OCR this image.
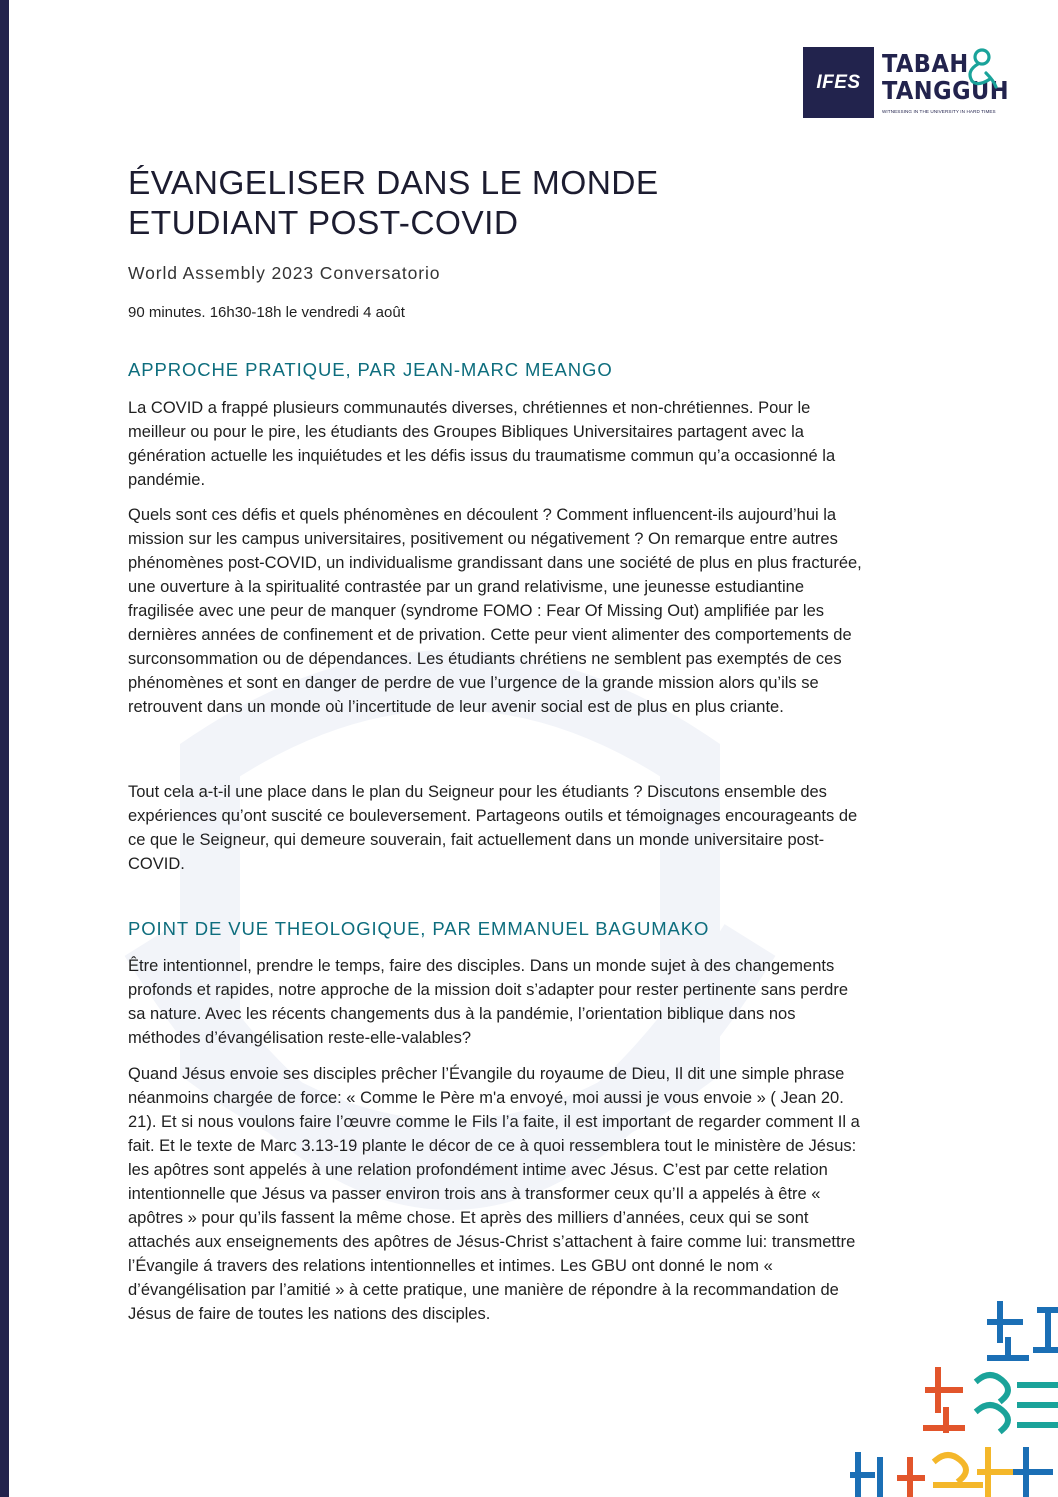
IFES
TABAH
TANGGUH
WITNESSING IN THE UNIVERSITY IN HARD TIMES
ÉVANGELISER DANS LE MONDE
ETUDIANT POST-COVID
World Assembly 2023 Conversatorio
90 minutes. 16h30-18h le vendredi 4 août
APPROCHE PRATIQUE, PAR JEAN-MARC MEANGO

La COVID a frappé plusieurs communautés diverses, chrétiennes et non-chrétiennes. Pour le meilleur ou pour le pire, les étudiants des Groupes Bibliques Universitaires partagent avec la génération actuelle les inquiétudes et les défis issus du traumatisme commun qu’a occasionné la pandémie.

Quels sont ces défis et quels phénomènes en découlent ? Comment influencent-ils aujourd’hui la mission sur les campus universitaires, positivement ou négativement ? On remarque entre autres phénomènes post-COVID, un individualisme grandissant dans une société de plus en plus fracturée, une ouverture à la spiritualité contrastée par un grand relativisme, une jeunesse estudiantine fragilisée avec une peur de manquer (syndrome FOMO : Fear Of Missing Out) amplifiée par les dernières années de confinement et de privation. Cette peur vient alimenter des comportements de surconsommation ou de dépendances. Les étudiants chrétiens ne semblent pas exemptés de ces phénomènes et sont en danger de perdre de vue l’urgence de la grande mission alors qu’ils se retrouvent dans un monde où l’incertitude de leur avenir social est de plus en plus criante.

Tout cela a-t-il une place dans le plan du Seigneur pour les étudiants ? Discutons ensemble des expériences qu’ont suscité ce bouleversement. Partageons outils et témoignages encourageants de ce que le Seigneur, qui demeure souverain, fait actuellement dans un monde universitaire post-COVID.

POINT DE VUE THEOLOGIQUE, PAR EMMANUEL BAGUMAKO

Être intentionnel, prendre le temps, faire des disciples. Dans un monde sujet à des changements profonds et rapides, notre approche de la mission doit s’adapter pour rester pertinente sans perdre sa nature. Avec les récents changements dus à la pandémie, l’orientation biblique dans nos méthodes d’évangélisation reste-elle-valables?

Quand Jésus envoie ses disciples prêcher l’Évangile du royaume de Dieu, Il dit une simple phrase néanmoins chargée de force: « Comme le Père m'a envoyé, moi aussi je vous envoie » ( Jean 20. 21). Et si nous voulons faire l’œuvre comme le Fils l’a faite, il est important de regarder comment Il a fait. Et le texte de Marc 3.13-19 plante le décor de ce à quoi ressemblera tout le ministère de Jésus: les apôtres sont appelés à une relation profondément intime avec Jésus. C’est par cette relation intentionnelle que Jésus va passer environ trois ans à transformer ceux qu’Il a appelés à être « apôtres » pour qu’ils fassent la même chose. Et après des milliers d’années, ceux qui se sont attachés aux enseignements des apôtres de Jésus-Christ s’attachent à faire comme lui: transmettre l’Évangile á travers des relations intentionnelles et intimes. Les GBU ont donné le nom « d’évangélisation par l’amitié » à cette pratique, une manière de répondre à la recommandation de Jésus de faire de toutes les nations des disciples.
